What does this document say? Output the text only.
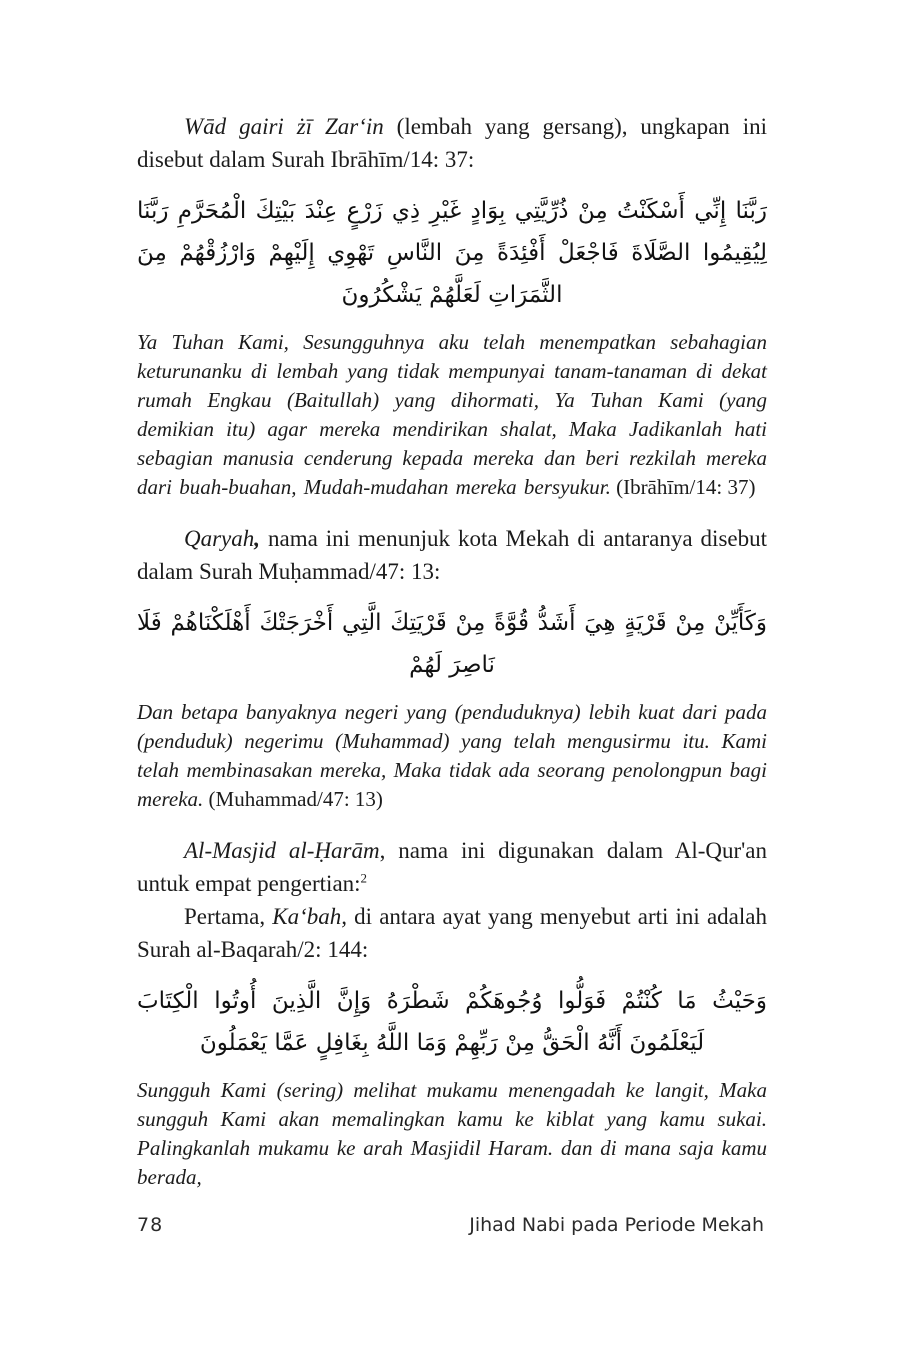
Wād gairi żī Zar‘in (lembah yang gersang), ungkapan ini disebut dalam Surah Ibrāhīm/14: 37:

رَبَّنَا إِنِّي أَسْكَنْتُ مِنْ ذُرِّيَّتِي بِوَادٍ غَيْرِ ذِي زَرْعٍ عِنْدَ بَيْتِكَ الْمُحَرَّمِ رَبَّنَا لِيُقِيمُوا الصَّلَاةَ فَاجْعَلْ أَفْئِدَةً مِنَ النَّاسِ تَهْوِي إِلَيْهِمْ وَارْزُقْهُمْ مِنَ الثَّمَرَاتِ لَعَلَّهُمْ يَشْكُرُونَ

Ya Tuhan Kami, Sesungguhnya aku telah menempatkan sebahagian keturunanku di lembah yang tidak mempunyai tanam-tanaman di dekat rumah Engkau (Baitullah) yang dihormati, Ya Tuhan Kami (yang demikian itu) agar mereka mendirikan shalat, Maka Jadikanlah hati sebagian manusia cenderung kepada mereka dan beri rezkilah mereka dari buah-buahan, Mudah-mudahan mereka bersyukur. (Ibrāhīm/14: 37)

Qaryah, nama ini menunjuk kota Mekah di antaranya disebut dalam Surah Muḥammad/47: 13:

وَكَأَيِّنْ مِنْ قَرْيَةٍ هِيَ أَشَدُّ قُوَّةً مِنْ قَرْيَتِكَ الَّتِي أَخْرَجَتْكَ أَهْلَكْنَاهُمْ فَلَا نَاصِرَ لَهُمْ

Dan betapa banyaknya negeri yang (penduduknya) lebih kuat dari pada (penduduk) negerimu (Muhammad) yang telah mengusirmu itu. Kami telah membinasakan mereka, Maka tidak ada seorang penolongpun bagi mereka. (Muhammad/47: 13)

Al-Masjid al-Ḥarām, nama ini digunakan dalam Al-Qur'an untuk empat pengertian:$^2$

Pertama, Ka‘bah, di antara ayat yang menyebut arti ini adalah Surah al-Baqarah/2: 144:

وَحَيْثُ مَا كُنْتُمْ فَوَلُّوا وُجُوهَكُمْ شَطْرَهُ وَإِنَّ الَّذِينَ أُوتُوا الْكِتَابَ لَيَعْلَمُونَ أَنَّهُ الْحَقُّ مِنْ رَبِّهِمْ وَمَا اللَّهُ بِغَافِلٍ عَمَّا يَعْمَلُونَ

Sungguh Kami (sering) melihat mukamu menengadah ke langit, Maka sungguh Kami akan memalingkan kamu ke kiblat yang kamu sukai. Palingkanlah mukamu ke arah Masjidil Haram. dan di mana saja kamu berada,

78	Jihad Nabi pada Periode Mekah
